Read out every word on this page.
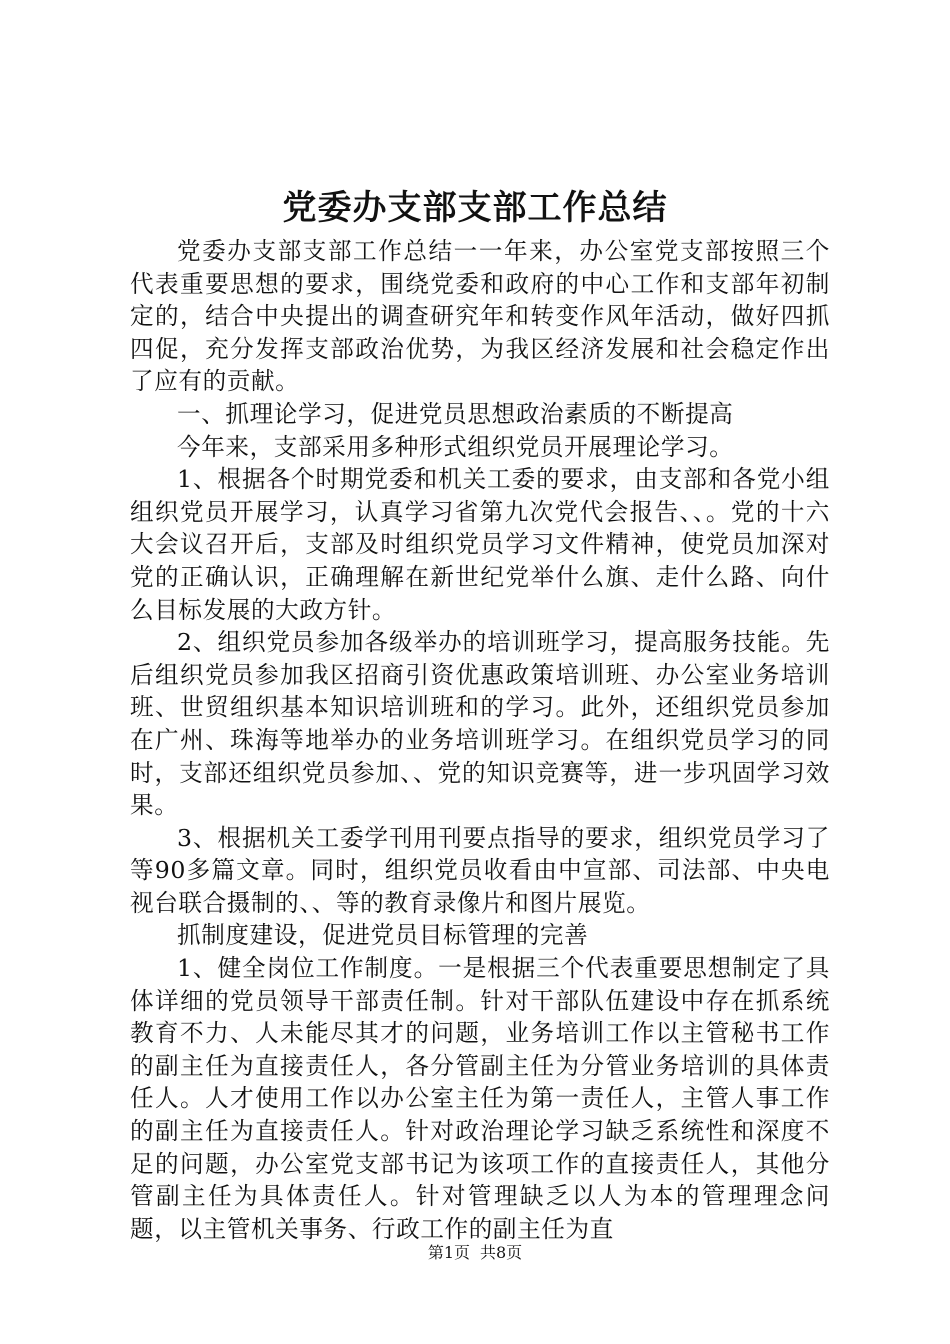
党委办支部支部工作总结

党委办支部支部工作总结一一年来，办公室党支部按照三个代表重要思想的要求，围绕党委和政府的中心工作和支部年初制定的，结合中央提出的调查研究年和转变作风年活动，做好四抓四促，充分发挥支部政治优势，为我区经济发展和社会稳定作出了应有的贡献。

一、抓理论学习，促进党员思想政治素质的不断提高

今年来，支部采用多种形式组织党员开展理论学习。

1、根据各个时期党委和机关工委的要求，由支部和各党小组组织党员开展学习，认真学习省第九次党代会报告、、。党的十六大会议召开后，支部及时组织党员学习文件精神，使党员加深对党的正确认识，正确理解在新世纪党举什么旗、走什么路、向什么目标发展的大政方针。

2、组织党员参加各级举办的培训班学习，提高服务技能。先后组织党员参加我区招商引资优惠政策培训班、办公室业务培训班、世贸组织基本知识培训班和的学习。此外，还组织党员参加在广州、珠海等地举办的业务培训班学习。在组织党员学习的同时，支部还组织党员参加、、党的知识竞赛等，进一步巩固学习效果。

3、根据机关工委学刊用刊要点指导的要求，组织党员学习了等90多篇文章。同时，组织党员收看由中宣部、司法部、中央电视台联合摄制的、、等的教育录像片和图片展览。

抓制度建设，促进党员目标管理的完善

1、健全岗位工作制度。一是根据三个代表重要思想制定了具体详细的党员领导干部责任制。针对干部队伍建设中存在抓系统教育不力、人未能尽其才的问题，业务培训工作以主管秘书工作的副主任为直接责任人，各分管副主任为分管业务培训的具体责任人。人才使用工作以办公室主任为第一责任人，主管人事工作的副主任为直接责任人。针对政治理论学习缺乏系统性和深度不足的问题，办公室党支部书记为该项工作的直接责任人，其他分管副主任为具体责任人。针对管理缺乏以人为本的管理理念问题，以主管机关事务、行政工作的副主任为直

第1页 共8页
